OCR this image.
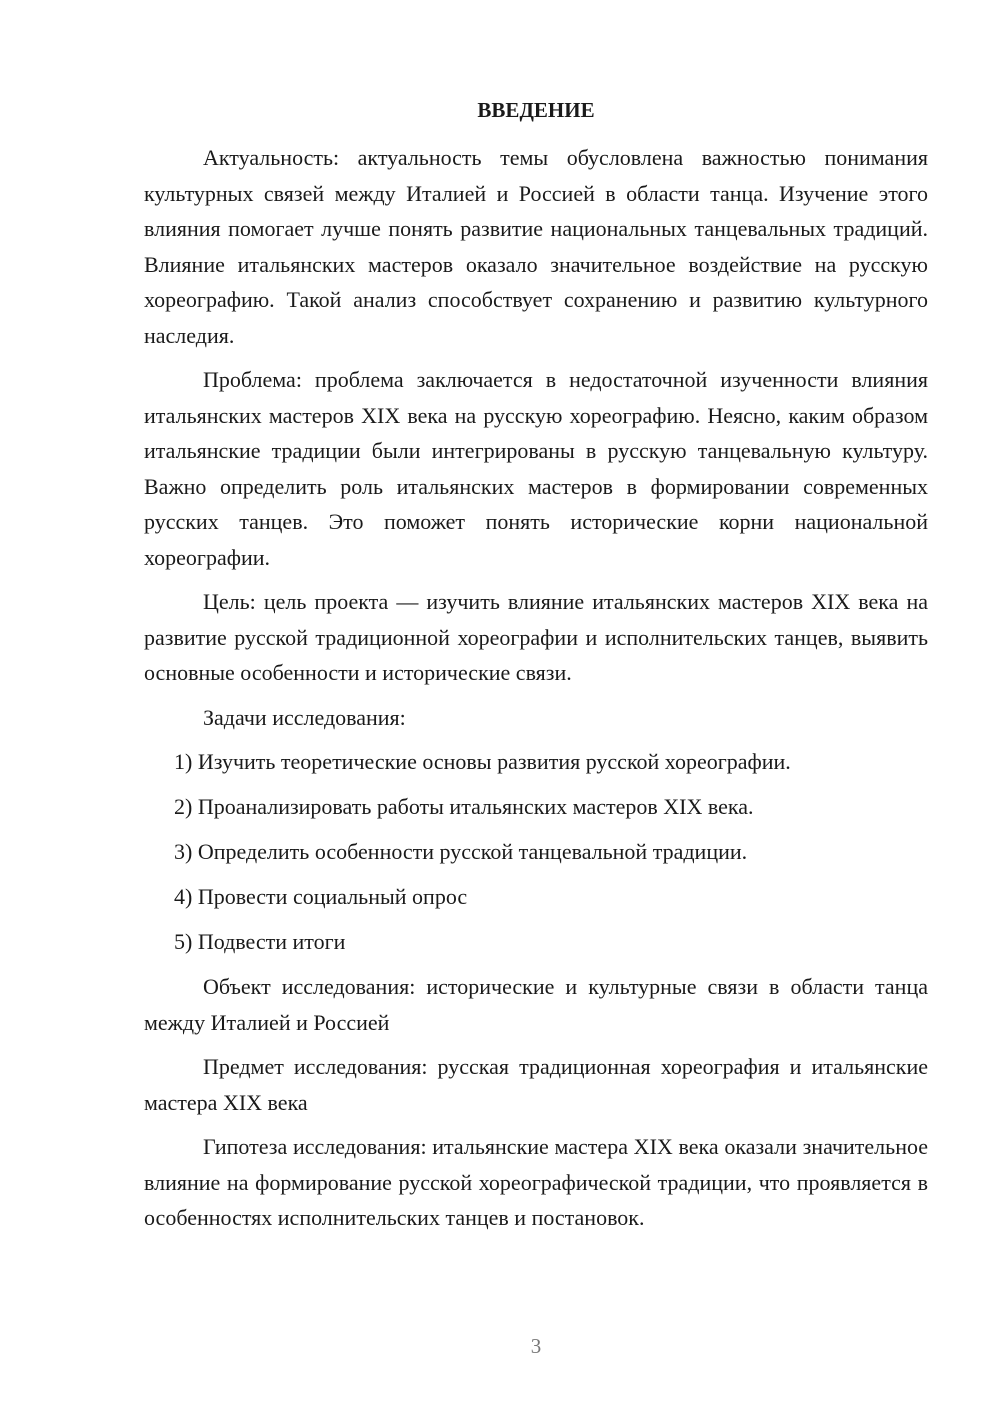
ВВЕДЕНИЕ

Актуальность: актуальность темы обусловлена важностью понимания культурных связей между Италией и Россией в области танца. Изучение этого влияния помогает лучше понять развитие национальных танцевальных традиций. Влияние итальянских мастеров оказало значительное воздействие на русскую хореографию. Такой анализ способствует сохранению и развитию культурного наследия.

Проблема: проблема заключается в недостаточной изученности влияния итальянских мастеров XIX века на русскую хореографию. Неясно, каким образом итальянские традиции были интегрированы в русскую танцевальную культуру. Важно определить роль итальянских мастеров в формировании современных русских танцев. Это поможет понять исторические корни национальной хореографии.

Цель: цель проекта — изучить влияние итальянских мастеров XIX века на развитие русской традиционной хореографии и исполнительских танцев, выявить основные особенности и исторические связи.

Задачи исследования:

1) Изучить теоретические основы развития русской хореографии.

2) Проанализировать работы итальянских мастеров XIX века.

3) Определить особенности русской танцевальной традиции.

4) Провести социальный опрос

5) Подвести итоги

Объект исследования: исторические и культурные связи в области танца между Италией и Россией

Предмет исследования: русская традиционная хореография и итальянские мастера XIX века

Гипотеза исследования: итальянские мастера XIX века оказали значительное влияние на формирование русской хореографической традиции, что проявляется в особенностях исполнительских танцев и постановок.

3
